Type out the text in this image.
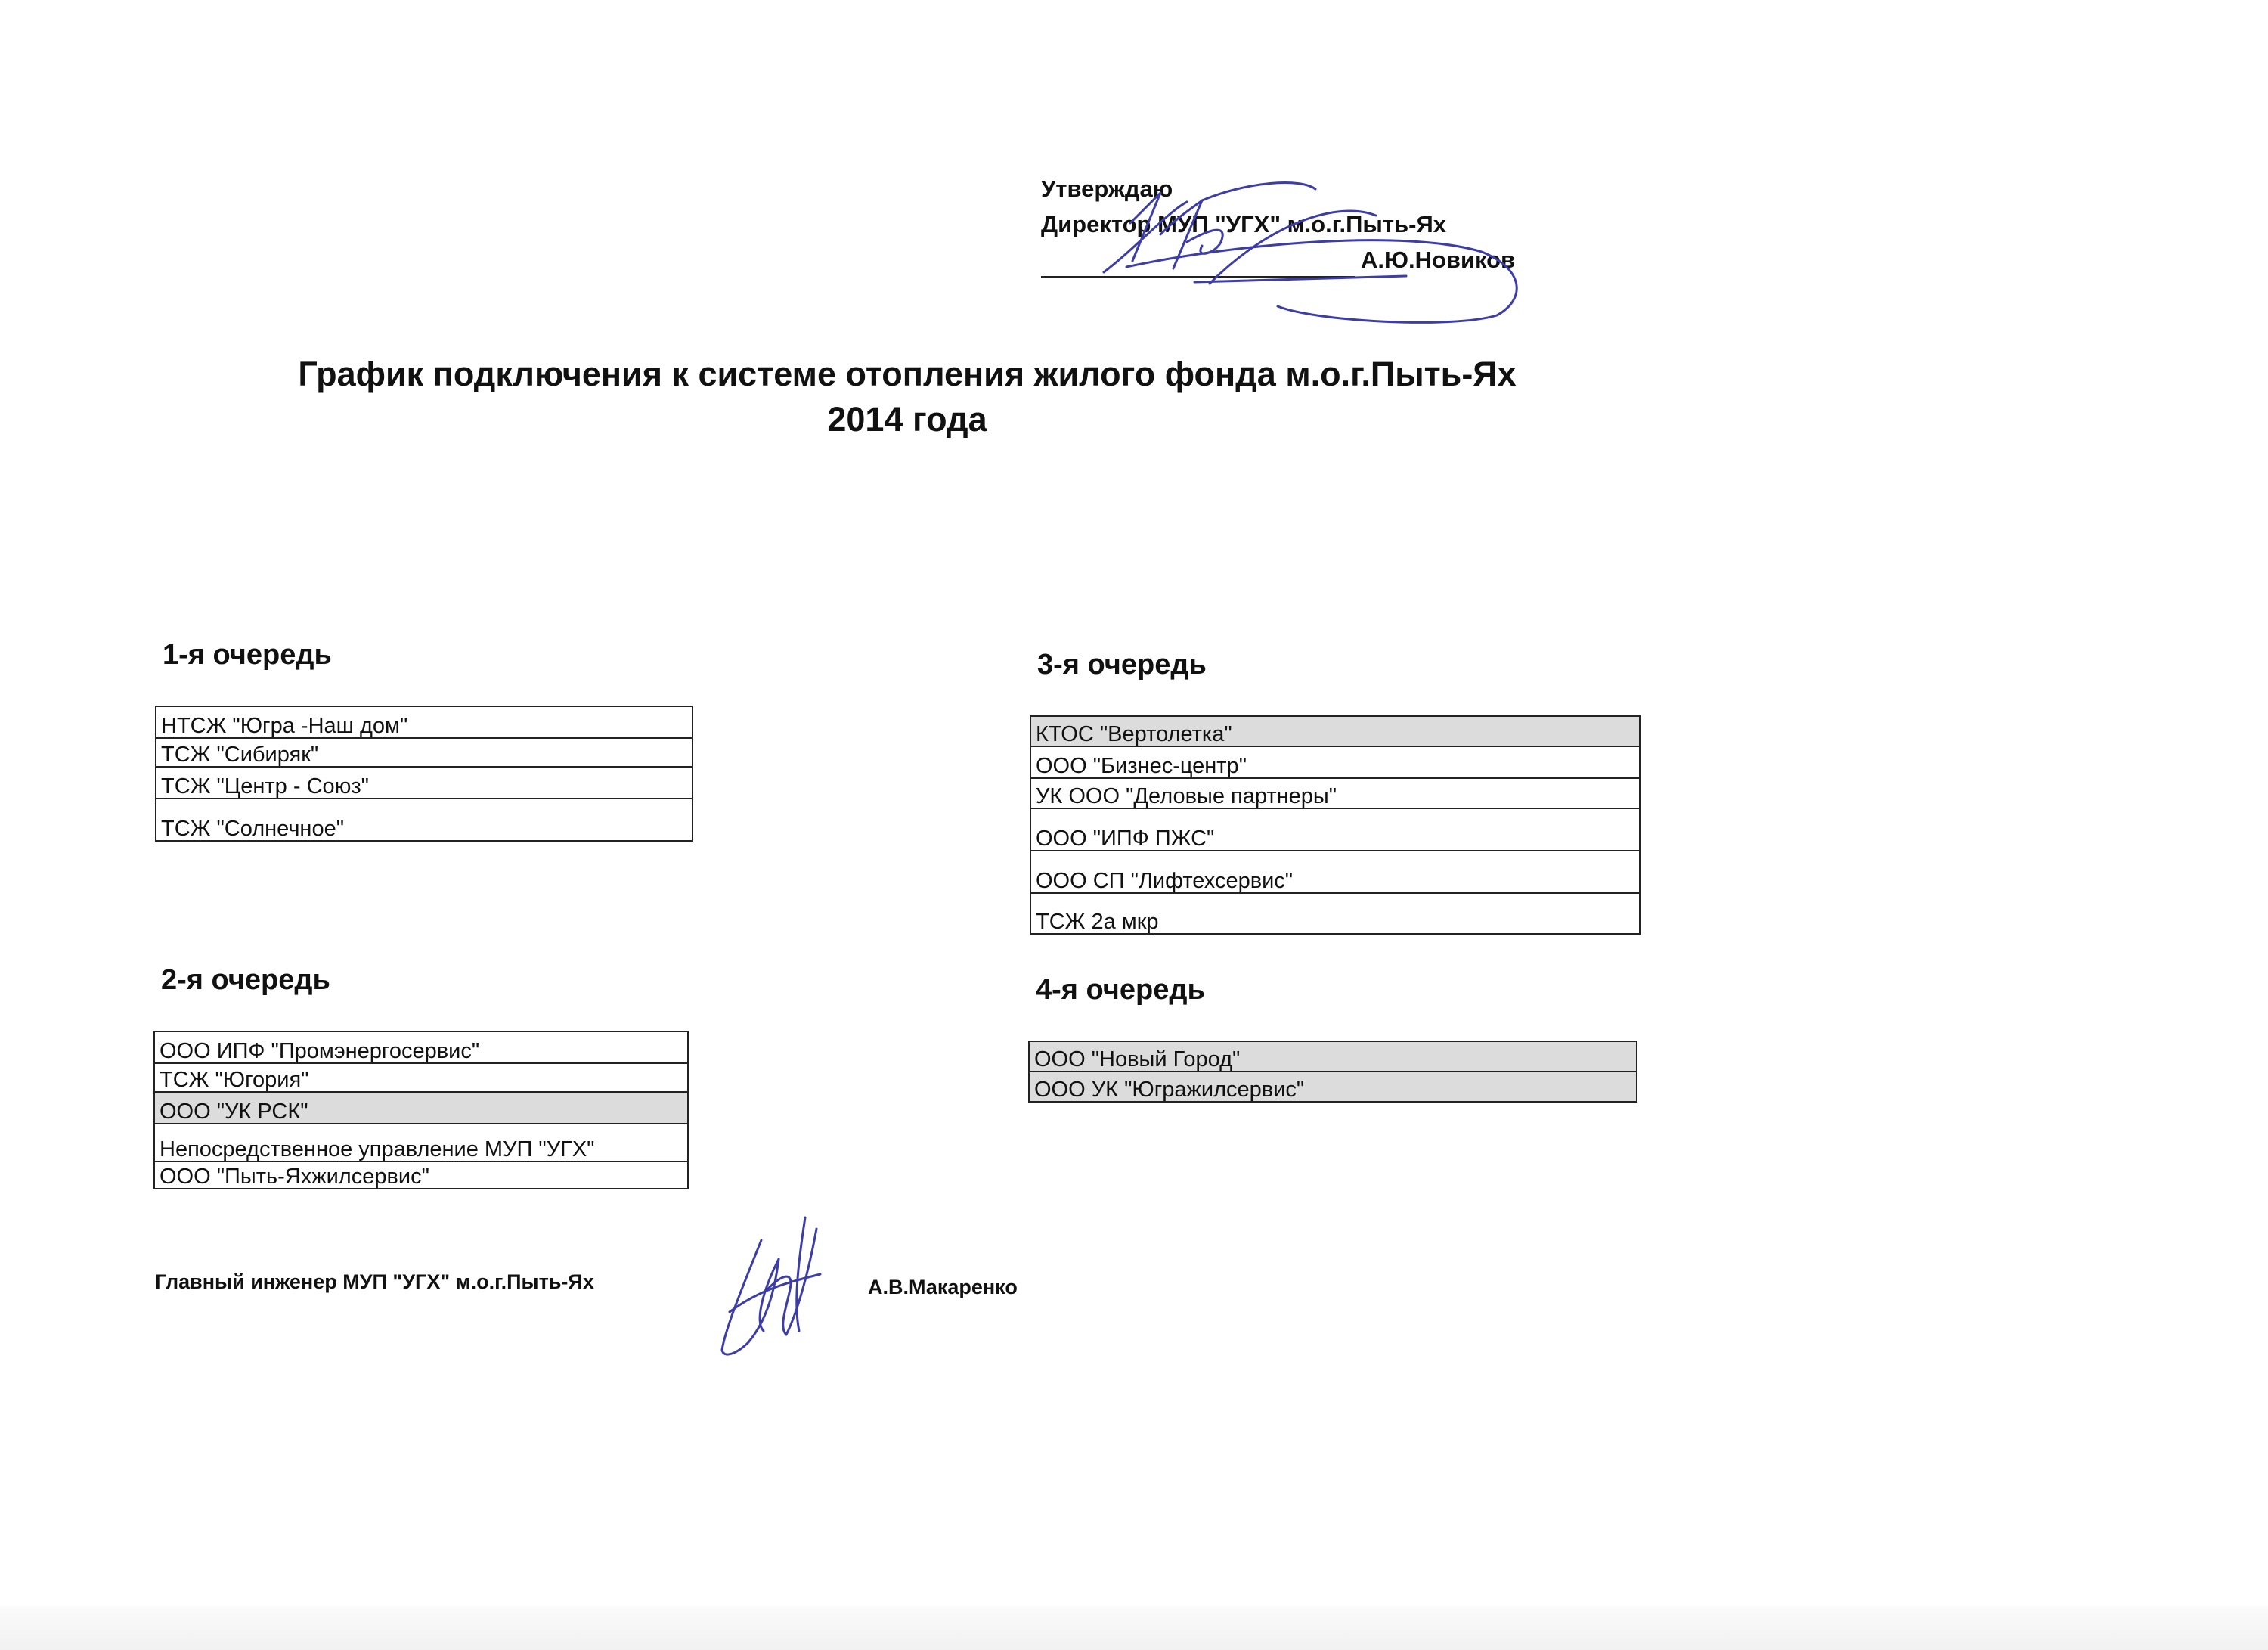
Утверждаю
Директор МУП "УГХ" м.о.г.Пыть-Ях
А.Ю.Новиков
График подключения к системе отопления жилого фонда м.о.г.Пыть-Ях
2014 года
1-я очередь
НТСЖ "Югра -Наш дом"
ТСЖ "Сибиряк"
ТСЖ "Центр - Союз"
ТСЖ "Солнечное"
2-я очередь
ООО ИПФ "Промэнергосервис"
ТСЖ "Югория"
ООО "УК РСК"
Непосредственное управление МУП "УГХ"
ООО "Пыть-Яхжилсервис"
3-я очередь
КТОС "Вертолетка"
ООО "Бизнес-центр"
УК ООО "Деловые партнеры"
ООО "ИПФ ПЖС"
ООО СП "Лифтехсервис"
ТСЖ 2а мкр
4-я очередь
ООО "Новый Город"
ООО УК "Югражилсервис"
Главный инженер МУП "УГХ" м.о.г.Пыть-Ях	А.В.Макаренко
